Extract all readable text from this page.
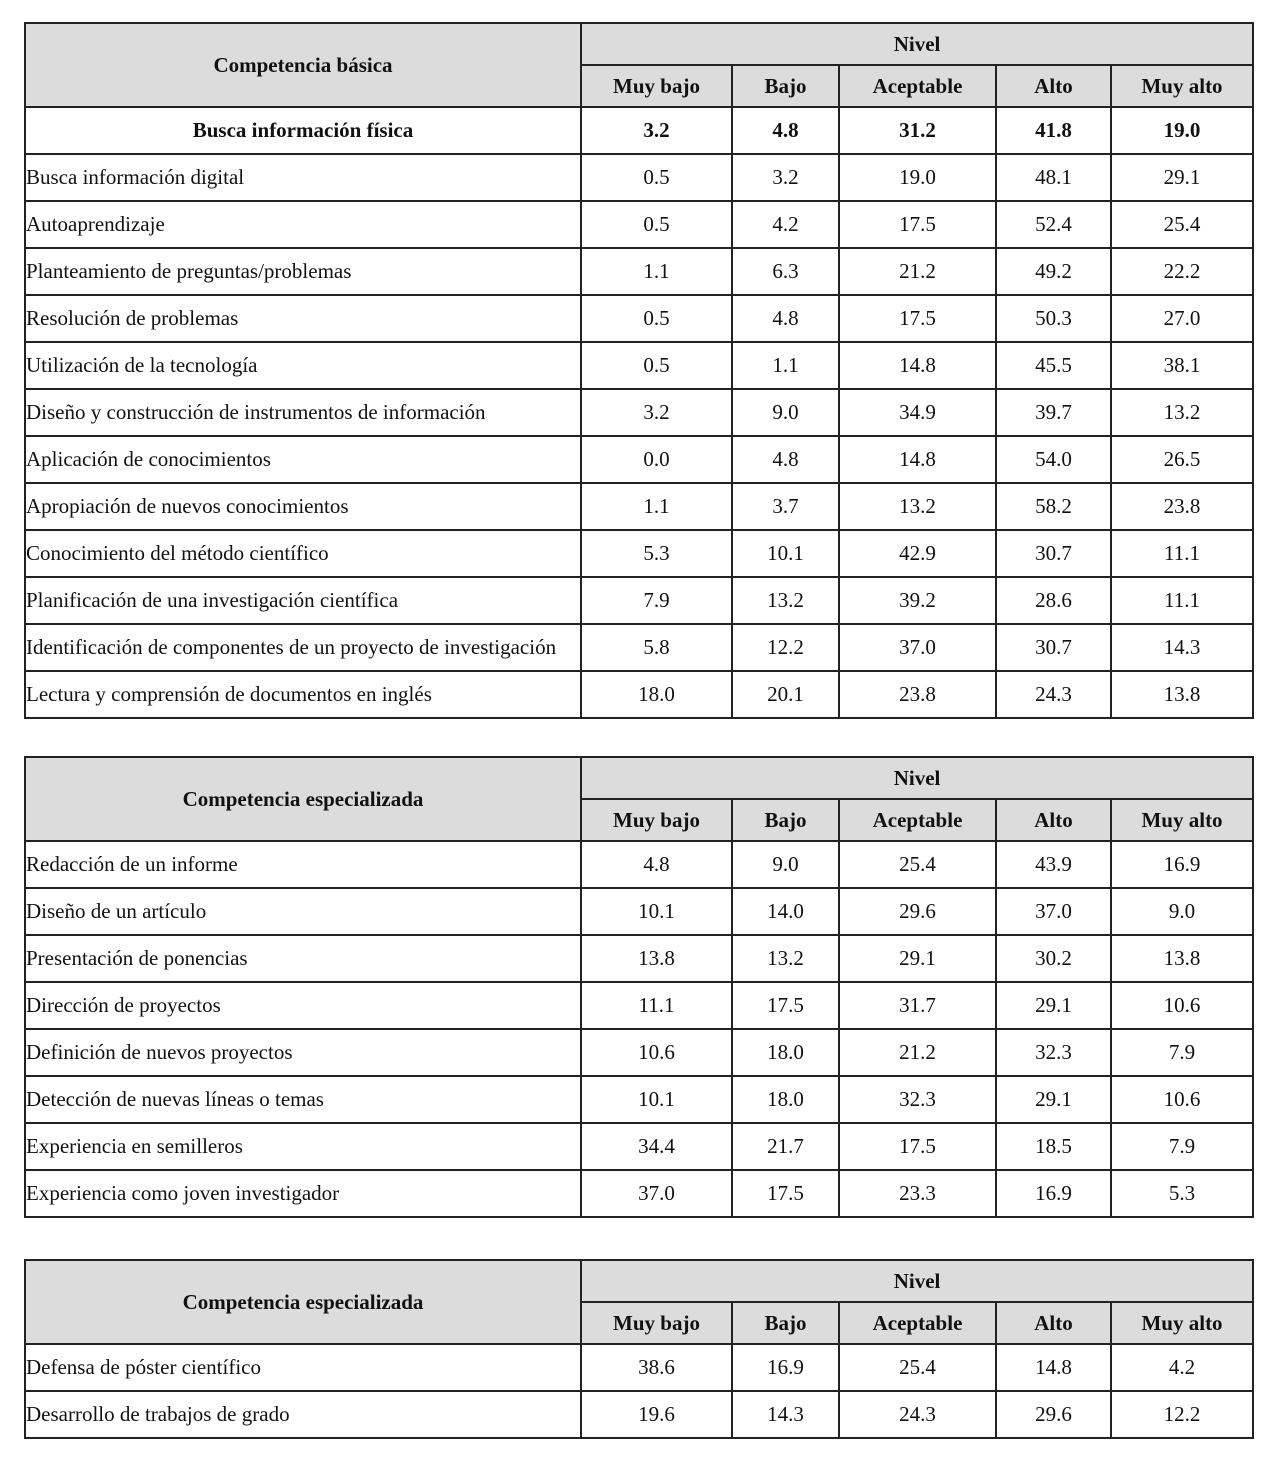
Competencia básica	Nivel				
	Muy bajo	Bajo	Aceptable	Alto	Muy alto
Busca información física	3.2	4.8	31.2	41.8	19.0
Busca información digital	0.5	3.2	19.0	48.1	29.1
Autoaprendizaje	0.5	4.2	17.5	52.4	25.4
Planteamiento de preguntas/problemas	1.1	6.3	21.2	49.2	22.2
Resolución de problemas	0.5	4.8	17.5	50.3	27.0
Utilización de la tecnología	0.5	1.1	14.8	45.5	38.1
Diseño y construcción de instrumentos de información	3.2	9.0	34.9	39.7	13.2
Aplicación de conocimientos	0.0	4.8	14.8	54.0	26.5
Apropiación de nuevos conocimientos	1.1	3.7	13.2	58.2	23.8
Conocimiento del método científico	5.3	10.1	42.9	30.7	11.1
Planificación de una investigación científica	7.9	13.2	39.2	28.6	11.1
Identificación de componentes de un proyecto de investigación	5.8	12.2	37.0	30.7	14.3
Lectura y comprensión de documentos en inglés	18.0	20.1	23.8	24.3	13.8
Competencia especializada	Nivel				
	Muy bajo	Bajo	Aceptable	Alto	Muy alto
Redacción de un informe	4.8	9.0	25.4	43.9	16.9
Diseño de un artículo	10.1	14.0	29.6	37.0	9.0
Presentación de ponencias	13.8	13.2	29.1	30.2	13.8
Dirección de proyectos	11.1	17.5	31.7	29.1	10.6
Definición de nuevos proyectos	10.6	18.0	21.2	32.3	7.9
Detección de nuevas líneas o temas	10.1	18.0	32.3	29.1	10.6
Experiencia en semilleros	34.4	21.7	17.5	18.5	7.9
Experiencia como joven investigador	37.0	17.5	23.3	16.9	5.3
Competencia especializada	Nivel				
	Muy bajo	Bajo	Aceptable	Alto	Muy alto
Defensa de póster científico	38.6	16.9	25.4	14.8	4.2
Desarrollo de trabajos de grado	19.6	14.3	24.3	29.6	12.2
